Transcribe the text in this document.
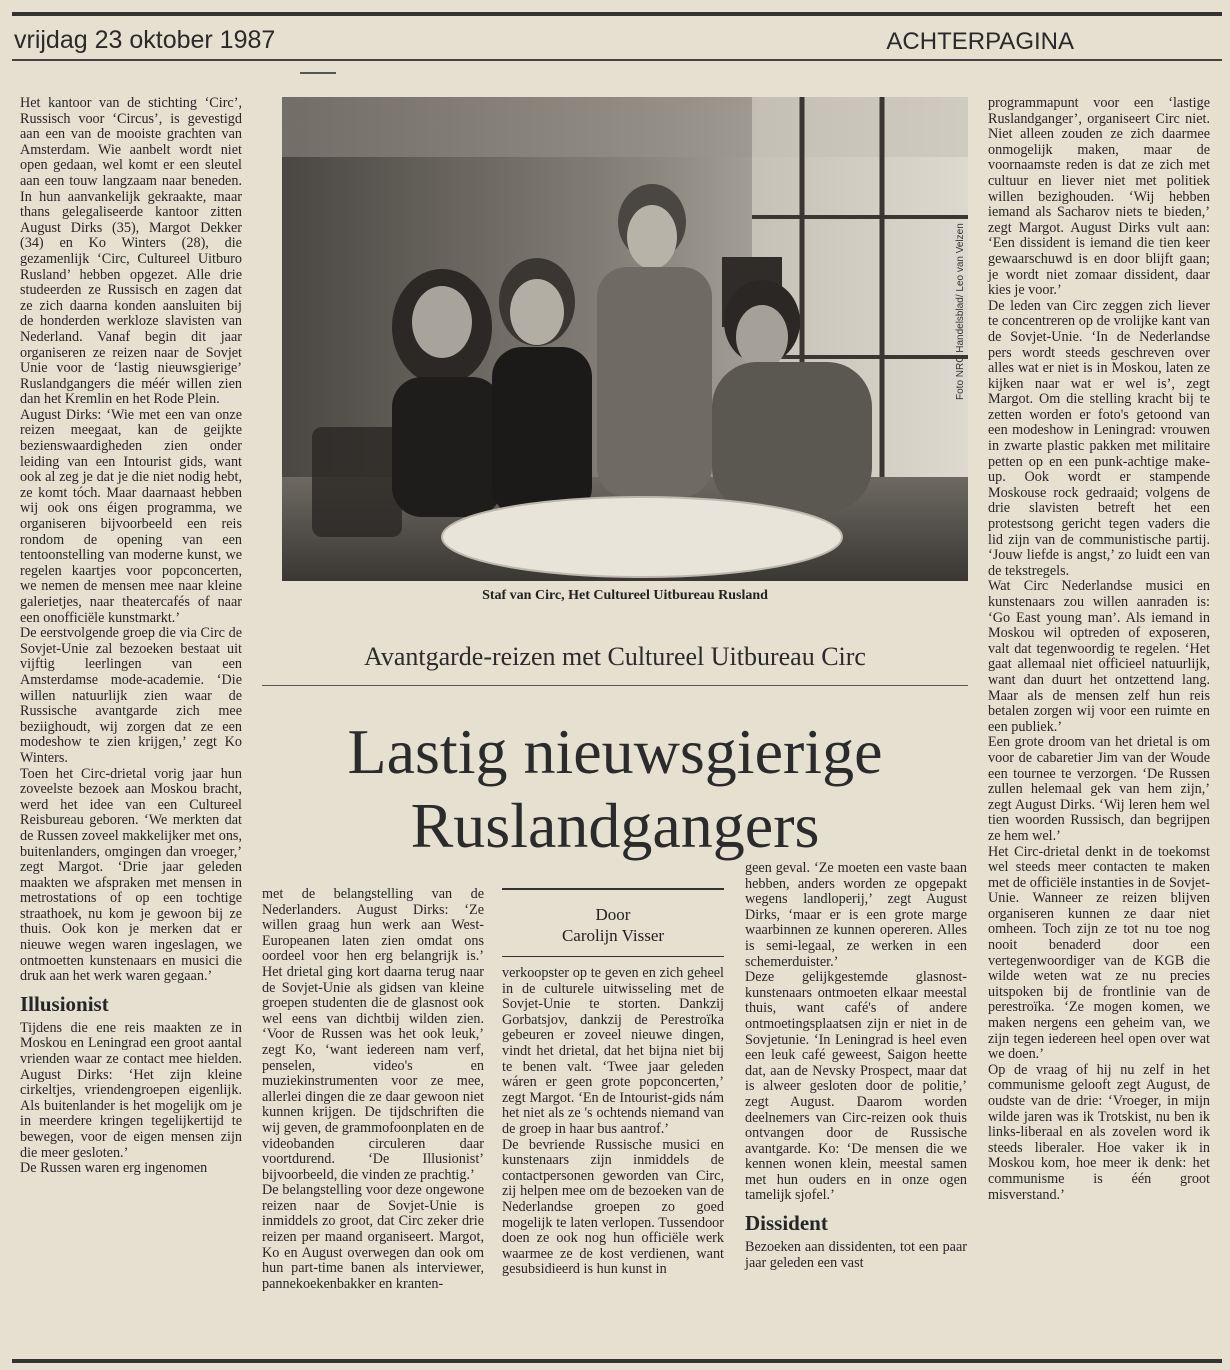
vrijdag 23 oktober 1987	ACHTERPAGINA

Het kantoor van de stichting ‘Circ’, Russisch voor ‘Circus’, is gevestigd aan een van de mooiste grachten van Amsterdam. Wie aanbelt wordt niet open gedaan, wel komt er een sleutel aan een touw langzaam naar beneden. In hun aanvankelijk gekraakte, maar thans gelegaliseerde kantoor zitten August Dirks (35), Margot Dekker (34) en Ko Winters (28), die gezamenlijk ‘Circ, Cultureel Uitburo Rusland’ hebben opgezet. Alle drie studeerden ze Russisch en zagen dat ze zich daarna konden aansluiten bij de honderden werkloze slavisten van Nederland. Vanaf begin dit jaar organiseren ze reizen naar de Sovjet Unie voor de ‘lastig nieuwsgierige’ Ruslandgangers die méér willen zien dan het Kremlin en het Rode Plein.

August Dirks: ‘Wie met een van onze reizen meegaat, kan de geijkte bezienswaardigheden zien onder leiding van een Intourist gids, want ook al zeg je dat je die niet nodig hebt, ze komt tóch. Maar daarnaast hebben wij ook ons éigen programma, we organiseren bijvoorbeeld een reis rondom de opening van een tentoonstelling van moderne kunst, we regelen kaartjes voor popconcerten, we nemen de mensen mee naar kleine galerietjes, naar theatercafés of naar een onofficiële kunstmarkt.’

De eerstvolgende groep die via Circ de Sovjet-Unie zal bezoeken bestaat uit vijftig leerlingen van een Amsterdamse mode-academie. ‘Die willen natuurlijk zien waar de Russische avantgarde zich mee beziighoudt, wij zorgen dat ze een modeshow te zien krijgen,’ zegt Ko Winters.

Toen het Circ-drietal vorig jaar hun zoveelste bezoek aan Moskou bracht, werd het idee van een Cultureel Reisbureau geboren. ‘We merkten dat de Russen zoveel makkelijker met ons, buitenlanders, omgingen dan vroeger,’ zegt Margot. ‘Drie jaar geleden maakten we afspraken met mensen in metrostations of op een tochtige straathoek, nu kom je gewoon bij ze thuis. Ook kon je merken dat er nieuwe wegen waren ingeslagen, we ontmoetten kunstenaars en musici die druk aan het werk waren gegaan.’

Illusionist

Tijdens die ene reis maakten ze in Moskou en Leningrad een groot aantal vrienden waar ze contact mee hielden. August Dirks: ‘Het zijn kleine cirkeltjes, vriendengroepen eigenlijk. Als buitenlander is het mogelijk om je in meerdere kringen tegelijkertijd te bewegen, voor de eigen mensen zijn die meer gesloten.’

De Russen waren erg ingenomen

Foto NRC Handelsblad/ Leo van Velzen
Staf van Circ, Het Cultureel Uitbureau Rusland
Avantgarde-reizen met Cultureel Uitbureau Circ
Lastig nieuwsgierige
Ruslandgangers

met de belangstelling van de Nederlanders. August Dirks: ‘Ze willen graag hun werk aan West-Europeanen laten zien omdat ons oordeel voor hen erg belangrijk is.’ Het drietal ging kort daarna terug naar de Sovjet-Unie als gidsen van kleine groepen studenten die de glasnost ook wel eens van dichtbij wilden zien. ‘Voor de Russen was het ook leuk,’ zegt Ko, ‘want iedereen nam verf, penselen, video's en muziekinstrumenten voor ze mee, allerlei dingen die ze daar gewoon niet kunnen krijgen. De tijdschriften die wij geven, de grammofoonplaten en de videobanden circuleren daar voortdurend. ‘De Illusionist’ bijvoorbeeld, die vinden ze prachtig.’

De belangstelling voor deze ongewone reizen naar de Sovjet-Unie is inmiddels zo groot, dat Circ zeker drie reizen per maand organiseert. Margot, Ko en August overwegen dan ook om hun part-time banen als interviewer, pannekoekenbakker en kranten-

Door
Carolijn Visser

verkoopster op te geven en zich geheel in de culturele uitwisseling met de Sovjet-Unie te storten. Dankzij Gorbatsjov, dankzij de Perestroïka gebeuren er zoveel nieuwe dingen, vindt het drietal, dat het bijna niet bij te benen valt. ‘Twee jaar geleden wáren er geen grote popconcerten,’ zegt Margot. ‘En de Intourist-gids nám het niet als ze 's ochtends niemand van de groep in haar bus aantrof.’

De bevriende Russische musici en kunstenaars zijn inmiddels de contactpersonen geworden van Circ, zij helpen mee om de bezoeken van de Nederlandse groepen zo goed mogelijk te laten verlopen. Tussendoor doen ze ook nog hun officiële werk waarmee ze de kost verdienen, want gesubsidieerd is hun kunst in

geen geval. ‘Ze moeten een vaste baan hebben, anders worden ze opgepakt wegens landloperij,’ zegt August Dirks, ‘maar er is een grote marge waarbinnen ze kunnen opereren. Alles is semi-legaal, ze werken in een schemerduister.’

Deze gelijkgestemde glasnost-kunstenaars ontmoeten elkaar meestal thuis, want café's of andere ontmoetingsplaatsen zijn er niet in de Sovjetunie. ‘In Leningrad is heel even een leuk café geweest, Saigon heette dat, aan de Nevsky Prospect, maar dat is alweer gesloten door de politie,’ zegt August. Daarom worden deelnemers van Circ-reizen ook thuis ontvangen door de Russische avantgarde. Ko: ‘De mensen die we kennen wonen klein, meestal samen met hun ouders en in onze ogen tamelijk sjofel.’

Dissident

Bezoeken aan dissidenten, tot een paar jaar geleden een vast

programmapunt voor een ‘lastige Ruslandganger’, organiseert Circ niet. Niet alleen zouden ze zich daarmee onmogelijk maken, maar de voornaamste reden is dat ze zich met cultuur en liever niet met politiek willen bezighouden. ‘Wij hebben iemand als Sacharov niets te bieden,’ zegt Margot. August Dirks vult aan: ‘Een dissident is iemand die tien keer gewaarschuwd is en door blijft gaan; je wordt niet zomaar dissident, daar kies je voor.’

De leden van Circ zeggen zich liever te concentreren op de vrolijke kant van de Sovjet-Unie. ‘In de Nederlandse pers wordt steeds geschreven over alles wat er niet is in Moskou, laten ze kijken naar wat er wel is’, zegt Margot. Om die stelling kracht bij te zetten worden er foto's getoond van een modeshow in Leningrad: vrouwen in zwarte plastic pakken met militaire petten op en een punk-achtige make-up. Ook wordt er stampende Moskouse rock gedraaid; volgens de drie slavisten betreft het een protestsong gericht tegen vaders die lid zijn van de communistische partij. ‘Jouw liefde is angst,’ zo luidt een van de tekstregels.

Wat Circ Nederlandse musici en kunstenaars zou willen aanraden is: ‘Go East young man’. Als iemand in Moskou wil optreden of exposeren, valt dat tegenwoordig te regelen. ‘Het gaat allemaal niet officieel natuurlijk, want dan duurt het ontzettend lang. Maar als de mensen zelf hun reis betalen zorgen wij voor een ruimte en een publiek.’

Een grote droom van het drietal is om voor de cabaretier Jim van der Woude een tournee te verzorgen. ‘De Russen zullen helemaal gek van hem zijn,’ zegt August Dirks. ‘Wij leren hem wel tien woorden Russisch, dan begrijpen ze hem wel.’

Het Circ-drietal denkt in de toekomst wel steeds meer contacten te maken met de officiële instanties in de Sovjet-Unie. Wanneer ze reizen blijven organiseren kunnen ze daar niet omheen. Toch zijn ze tot nu toe nog nooit benaderd door een vertegenwoordiger van de KGB die wilde weten wat ze nu precies uitspoken bij de frontlinie van de perestroïka. ‘Ze mogen komen, we maken nergens een geheim van, we zijn tegen iedereen heel open over wat we doen.’

Op de vraag of hij nu zelf in het communisme gelooft zegt August, de oudste van de drie: ‘Vroeger, in mijn wilde jaren was ik Trotskist, nu ben ik links-liberaal en als zovelen word ik steeds liberaler. Hoe vaker ik in Moskou kom, hoe meer ik denk: het communisme is één groot misverstand.’
